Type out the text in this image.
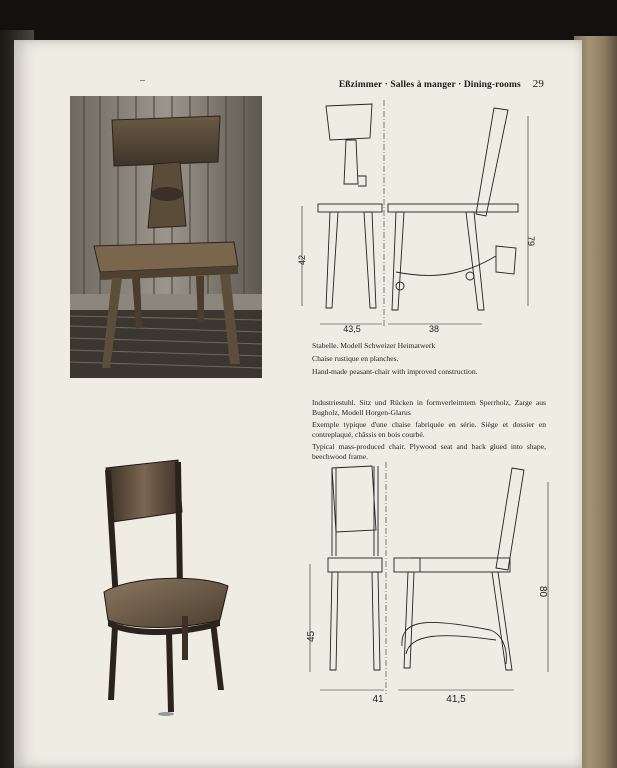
Eßzimmer · Salles à manger · Dining-rooms 29
42
43,5	38
79

Stabelle. Modell Schweizer Heimatwerk

Chaise rustique en planches.

Hand-made peasant-chair with improved construction.

Industriestuhl. Sitz und Rücken in formverleimtem Sperrholz, Zarge aus Bugholz, Modell Horgen-Glarus

Exemple typique d'une chaise fabriquée en série. Siège et dossier en contreplaqué, châssis en bois courbé.

Typical mass-produced chair. Plywood seat and back glued into shape, beechwood frame.

45
41	41,5
80
